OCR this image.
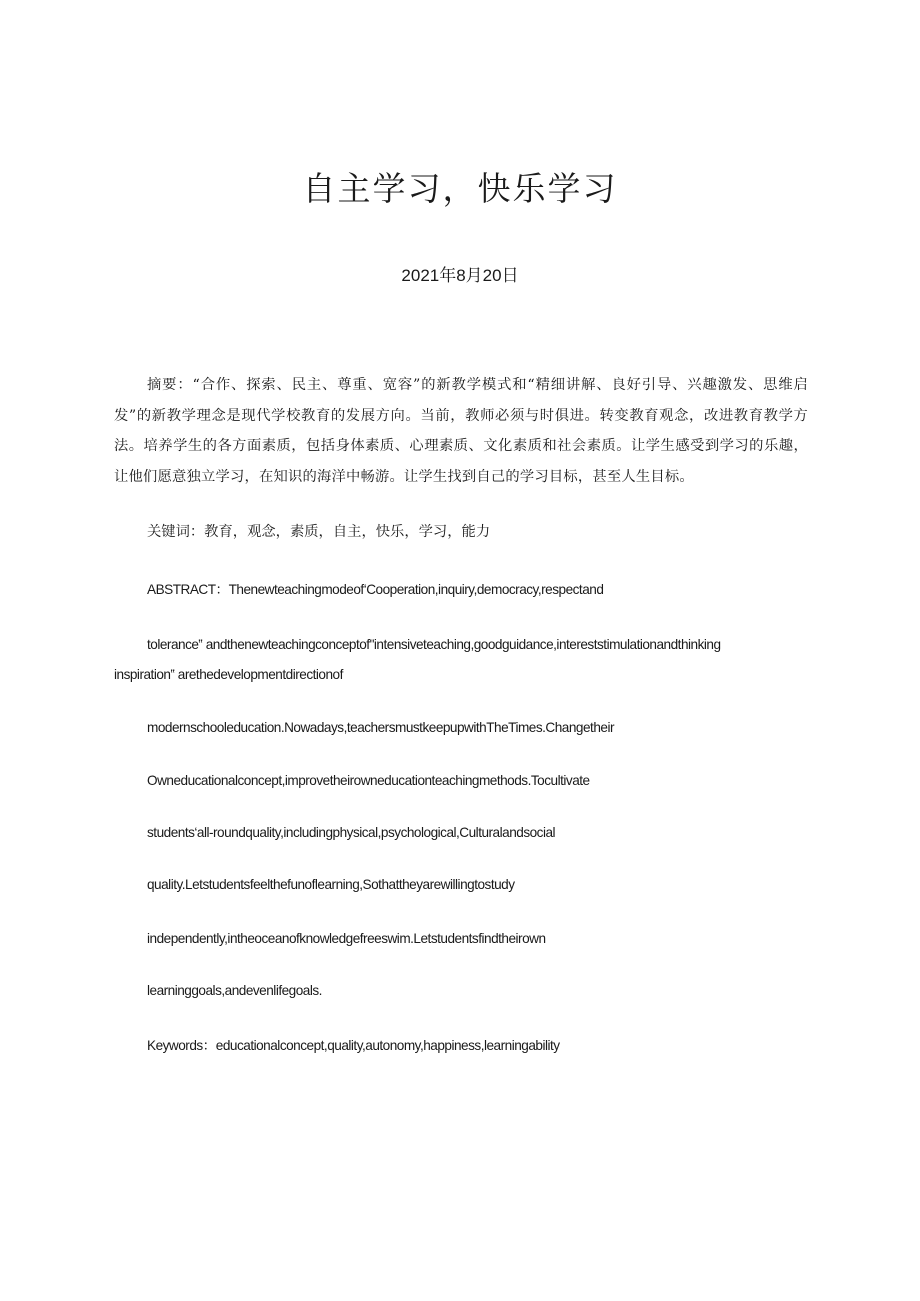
自主学习，快乐学习
2021年8月20日
摘要：“合作、探索、民主、尊重、宽容”的新教学模式和“精细讲解、良好引导、兴趣激发、思维启发”的新教学理念是现代学校教育的发展方向。当前，教师必须与时俱进。转变教育观念，改进教育教学方法。培养学生的各方面素质，包括身体素质、心理素质、文化素质和社会素质。让学生感受到学习的乐趣，让他们愿意独立学习，在知识的海洋中畅游。让学生找到自己的学习目标，甚至人生目标。
关键词：教育，观念，素质，自主，快乐，学习，能力
ABSTRACT：Thenewteachingmodeof‘Cooperation,inquiry,democracy,respectand
tolerance‟ andthenewteachingconceptof"intensiveteaching,goodguidance,intereststimulationandthinking
inspiration‟ arethedevelopmentdirectionof
modernschooleducation.Nowadays,teachersmustkeepupwithTheTimes.Changetheir
Owneducationalconcept,improvetheirowneducationteachingmethods.Tocultivate
students‘all-roundquality,includingphysical,psychological,Culturalandsocial
quality.Letstudentsfeelthefunoflearning,Sothattheyarewillingtostudy
independently,intheoceanofknowledgefreeswim.Letstudentsfindtheirown
learninggoals,andevenlifegoals.
Keywords：educationalconcept,quality,autonomy,happiness,learningability
